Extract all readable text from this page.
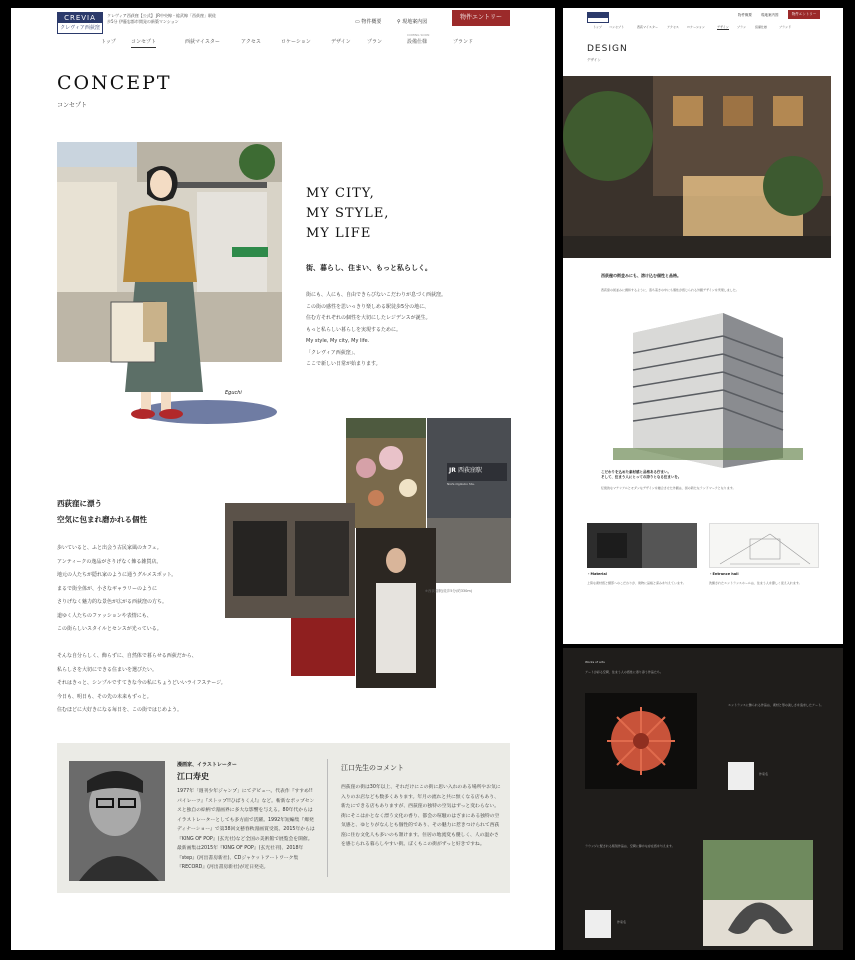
CREVIA
クレヴィア西荻窪
クレヴィア西荻窪【公式】 JR中央線・総武線「西荻窪」駅徒歩5分 伊藤忠都市開発の新築マンション	▭ 物件概要	⚲ 現地案内図
物件エントリー
トップ	コンセプト	西荻マイスター	アクセス	ロケーション	デザイン	プラン
COMING SOON
設備仕様	ブランド
CONCEPT
コンセプト
Eguchi
MY CITY,
MY STYLE,
MY LIFE
街、暮らし、住まい、もっと私らしく。
街にも、人にも、自由できらびないこだわりが息づく西荻窪。
この街の感性を思いっきり楽しめる駅徒歩5分の地に、
住む方それぞれの個性を大切にしたレジデンスが誕生。
もっと私らしい暮らしを実現するために。
My style, My city, My life.
「クレヴィア西荻窪」、
ここで新しい日常が始まります。
JR 西荻窪駅
Nishi-Ogikubo Sta.
※西荻窪駅(徒歩5分/約330m)
西荻窪に漂う
空気に包まれ磨かれる個性
歩いていると、ふと出会う古民家風のカフェ。
アンティークの逸品がさりげなく飾る雑貨店。
地元の人たちが隠れ家のように通うグルメスポット。
まるで街全体が、小さなギャラリーのように
さりげなく魅力的な景色が広がる西荻窪の方ち。
道ゆく人たちのファッションや表情にも、
この街らしいスタイルとセンスが光っている。
そんな自分らしく、飾らずに、自然体で暮らせる西荻だから、
私らしさを大切にできる住まいを選びたい。
それはきっと、シンプルですてきな今の私にちょうどいいライフステージ。
今日も、明日も、その先の未来もずっと。
住むほどに大好きになる毎日を、この街ではじめよう。
漫画家、イラストレーター
江口寿史
1977年「週刊少年ジャンプ」にてデビュー。代表作『すすめ!!パイレーツ』『ストップ!!ひばりくん!』など。斬新なポップセンスと独自の絵柄で漫画界に多大な影響を与える。80年代からはイラストレーターとしても多方面で活躍。1992年短編集『爆発ディナーショー』で第38回文藝春秋漫画賞受賞。2015年からは『KING OF POP』(玄光社)など全国の美術館で展覧会を開催。最新画集は2015年『KING OF POP』(玄光社刊)、2018年『step』(河出書房新社)、CDジャケットアートワーク集『RECORD』(河出書房新社)が近日発売。
江口先生のコメント
西荻窪の街は30年以上、それだけにこの街に思い入れのある場所やお気に入りのお店なども数多くあります。年月の流れと共に無くなる店もあり、新たにできる店もありますが、西荻窪の独特の空気はずっと変わらない。街にそこはかとなく漂う文化の香り、都会の喧騒のはざまにある独特の空気感と、ゆとりがなんとも個性的であり、その魅力に惹きつけられて西荻窪に住む文化人も多いのも頷けます。住居の地流変も優しく、人の温かさを感じられる暮らしやすい街。ぼくもこの街がずっと好きですね。
物件概要	現地案内図	物件エントリー
トップ コンセプト	西荻マイスター	アクセス	ロケーション	デザイン	プラン	設備仕様	ブランド
DESIGN
デザイン
西荻窪の街並みにも、溶け込む個性と品格。
西荻窪の街並みに調和するように、落ち着きの中にも個性が感じられる外観デザインを実現しました。
こだわりを込めた素材感と品格ある佇まい。
そして、住まう人にとっての誇りとなる住まいを。
伝統的なマテリアルとモダンなデザインを融合させた外観は、街の新たなランドマークとなります。
・Material	・Entrance hall
上質な素材感と細部へのこだわりが、建物に品格と深みを与えています。	洗練されたエントランスホールは、住まう人を優しく迎え入れます。
Works of arts
アートが彩る空間、住まう人の感性に寄り添う作品たち。
エントランスに飾られる作品は、素材と形の美しさを追求したアート。
作家名
ラウンジに配される彫刻作品は、空間に静かな存在感を与えます。
作家名
